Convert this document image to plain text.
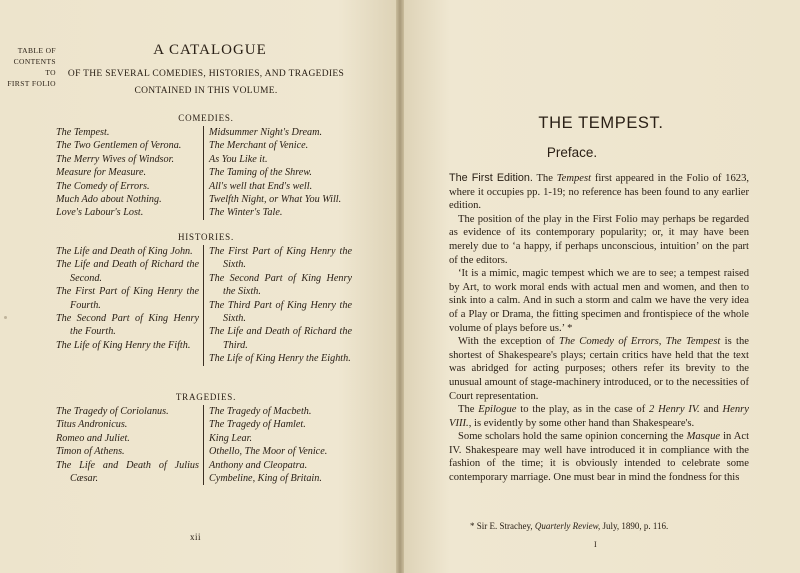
TABLE OF
CONTENTS TO
FIRST FOLIO
A CATALOGUE
OF THE SEVERAL COMEDIES, HISTORIES, AND TRAGEDIES
CONTAINED IN THIS VOLUME.
COMEDIES.

The Tempest.

The Two Gentlemen of Verona.

The Merry Wives of Windsor.

Measure for Measure.

The Comedy of Errors.

Much Ado about Nothing.

Love's Labour's Lost.

Midsummer Night's Dream.

The Merchant of Venice.

As You Like it.

The Taming of the Shrew.

All's well that End's well.

Twelfth Night, or What You Will.

The Winter's Tale.

HISTORIES.

The Life and Death of King John.

The Life and Death of Richard the Second.

The First Part of King Henry the Fourth.

The Second Part of King Henry the Fourth.

The Life of King Henry the Fifth.

The First Part of King Henry the Sixth.

The Second Part of King Henry the Sixth.

The Third Part of King Henry the Sixth.

The Life and Death of Richard the Third.

The Life of King Henry the Eighth.

TRAGEDIES.

The Tragedy of Coriolanus.

Titus Andronicus.

Romeo and Juliet.

Timon of Athens.

The Life and Death of Julius Cæsar.

The Tragedy of Macbeth.

The Tragedy of Hamlet.

King Lear.

Othello, The Moor of Venice.

Anthony and Cleopatra.

Cymbeline, King of Britain.

xii
THE TEMPEST.
Preface.

The First Edition. The Tempest first appeared in the Folio of 1623, where it occupies pp. 1-19; no reference has been found to any earlier edition.

The position of the play in the First Folio may perhaps be regarded as evidence of its contemporary popularity; or, it may have been merely due to ‘a happy, if perhaps unconscious, intuition’ on the part of the editors.

‘It is a mimic, magic tempest which we are to see; a tempest raised by Art, to work moral ends with actual men and women, and then to sink into a calm. And in such a storm and calm we have the very idea of a Play or Drama, the fitting specimen and frontispiece of the whole volume of plays before us.’ *

With the exception of The Comedy of Errors, The Tempest is the shortest of Shakespeare's plays; certain critics have held that the text was abridged for acting purposes; others refer its brevity to the unusual amount of stage-machinery introduced, or to the necessities of Court representation.

The Epilogue to the play, as in the case of 2 Henry IV. and Henry VIII., is evidently by some other hand than Shakespeare's.

Some scholars hold the same opinion concerning the Masque in Act IV. Shakespeare may well have introduced it in compliance with the fashion of the time; it is obviously intended to celebrate some contemporary marriage. One must bear in mind the fondness for this

* Sir E. Strachey, Quarterly Review, July, 1890, p. 116.
I
